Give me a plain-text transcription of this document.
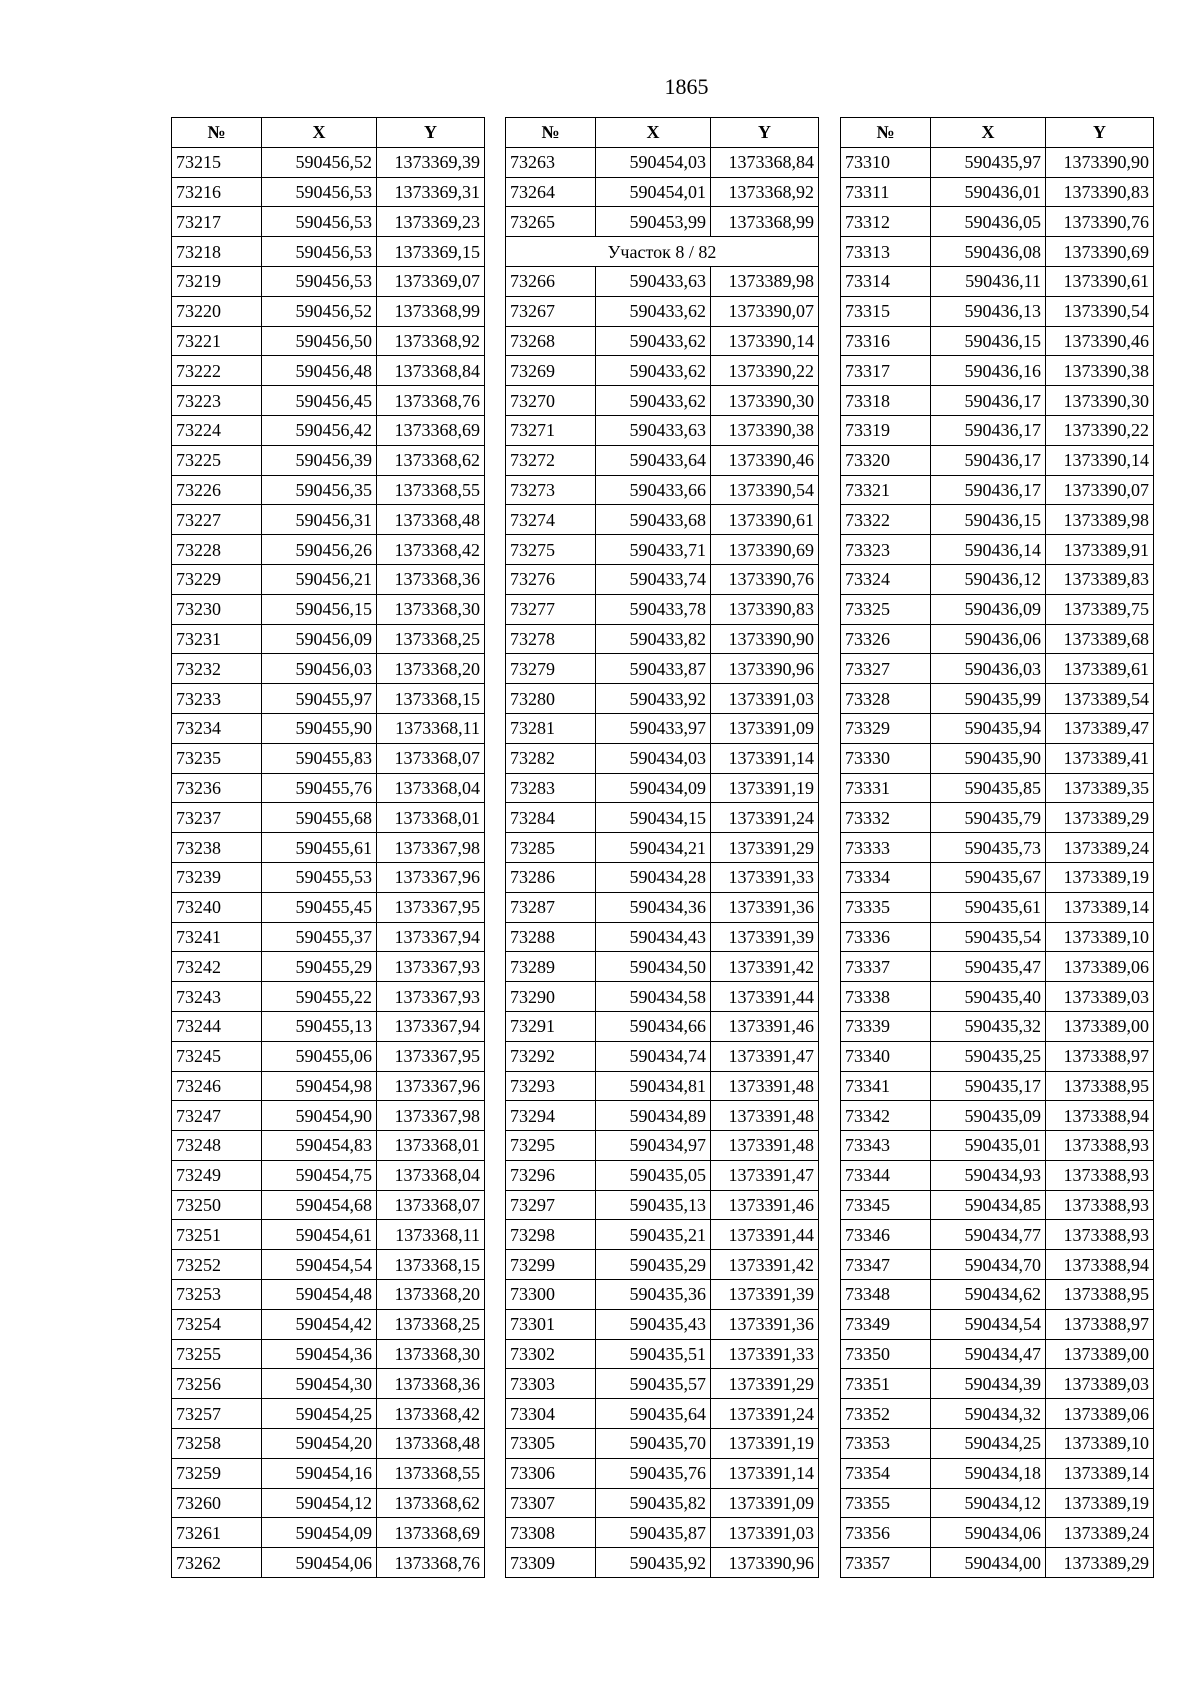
1865
№	X	Y
73215	590456,52	1373369,39
73216	590456,53	1373369,31
73217	590456,53	1373369,23
73218	590456,53	1373369,15
73219	590456,53	1373369,07
73220	590456,52	1373368,99
73221	590456,50	1373368,92
73222	590456,48	1373368,84
73223	590456,45	1373368,76
73224	590456,42	1373368,69
73225	590456,39	1373368,62
73226	590456,35	1373368,55
73227	590456,31	1373368,48
73228	590456,26	1373368,42
73229	590456,21	1373368,36
73230	590456,15	1373368,30
73231	590456,09	1373368,25
73232	590456,03	1373368,20
73233	590455,97	1373368,15
73234	590455,90	1373368,11
73235	590455,83	1373368,07
73236	590455,76	1373368,04
73237	590455,68	1373368,01
73238	590455,61	1373367,98
73239	590455,53	1373367,96
73240	590455,45	1373367,95
73241	590455,37	1373367,94
73242	590455,29	1373367,93
73243	590455,22	1373367,93
73244	590455,13	1373367,94
73245	590455,06	1373367,95
73246	590454,98	1373367,96
73247	590454,90	1373367,98
73248	590454,83	1373368,01
73249	590454,75	1373368,04
73250	590454,68	1373368,07
73251	590454,61	1373368,11
73252	590454,54	1373368,15
73253	590454,48	1373368,20
73254	590454,42	1373368,25
73255	590454,36	1373368,30
73256	590454,30	1373368,36
73257	590454,25	1373368,42
73258	590454,20	1373368,48
73259	590454,16	1373368,55
73260	590454,12	1373368,62
73261	590454,09	1373368,69
73262	590454,06	1373368,76
№	X	Y
73263	590454,03	1373368,84
73264	590454,01	1373368,92
73265	590453,99	1373368,99
Участок 8 / 82		
73266	590433,63	1373389,98
73267	590433,62	1373390,07
73268	590433,62	1373390,14
73269	590433,62	1373390,22
73270	590433,62	1373390,30
73271	590433,63	1373390,38
73272	590433,64	1373390,46
73273	590433,66	1373390,54
73274	590433,68	1373390,61
73275	590433,71	1373390,69
73276	590433,74	1373390,76
73277	590433,78	1373390,83
73278	590433,82	1373390,90
73279	590433,87	1373390,96
73280	590433,92	1373391,03
73281	590433,97	1373391,09
73282	590434,03	1373391,14
73283	590434,09	1373391,19
73284	590434,15	1373391,24
73285	590434,21	1373391,29
73286	590434,28	1373391,33
73287	590434,36	1373391,36
73288	590434,43	1373391,39
73289	590434,50	1373391,42
73290	590434,58	1373391,44
73291	590434,66	1373391,46
73292	590434,74	1373391,47
73293	590434,81	1373391,48
73294	590434,89	1373391,48
73295	590434,97	1373391,48
73296	590435,05	1373391,47
73297	590435,13	1373391,46
73298	590435,21	1373391,44
73299	590435,29	1373391,42
73300	590435,36	1373391,39
73301	590435,43	1373391,36
73302	590435,51	1373391,33
73303	590435,57	1373391,29
73304	590435,64	1373391,24
73305	590435,70	1373391,19
73306	590435,76	1373391,14
73307	590435,82	1373391,09
73308	590435,87	1373391,03
73309	590435,92	1373390,96
№	X	Y
73310	590435,97	1373390,90
73311	590436,01	1373390,83
73312	590436,05	1373390,76
73313	590436,08	1373390,69
73314	590436,11	1373390,61
73315	590436,13	1373390,54
73316	590436,15	1373390,46
73317	590436,16	1373390,38
73318	590436,17	1373390,30
73319	590436,17	1373390,22
73320	590436,17	1373390,14
73321	590436,17	1373390,07
73322	590436,15	1373389,98
73323	590436,14	1373389,91
73324	590436,12	1373389,83
73325	590436,09	1373389,75
73326	590436,06	1373389,68
73327	590436,03	1373389,61
73328	590435,99	1373389,54
73329	590435,94	1373389,47
73330	590435,90	1373389,41
73331	590435,85	1373389,35
73332	590435,79	1373389,29
73333	590435,73	1373389,24
73334	590435,67	1373389,19
73335	590435,61	1373389,14
73336	590435,54	1373389,10
73337	590435,47	1373389,06
73338	590435,40	1373389,03
73339	590435,32	1373389,00
73340	590435,25	1373388,97
73341	590435,17	1373388,95
73342	590435,09	1373388,94
73343	590435,01	1373388,93
73344	590434,93	1373388,93
73345	590434,85	1373388,93
73346	590434,77	1373388,93
73347	590434,70	1373388,94
73348	590434,62	1373388,95
73349	590434,54	1373388,97
73350	590434,47	1373389,00
73351	590434,39	1373389,03
73352	590434,32	1373389,06
73353	590434,25	1373389,10
73354	590434,18	1373389,14
73355	590434,12	1373389,19
73356	590434,06	1373389,24
73357	590434,00	1373389,29
